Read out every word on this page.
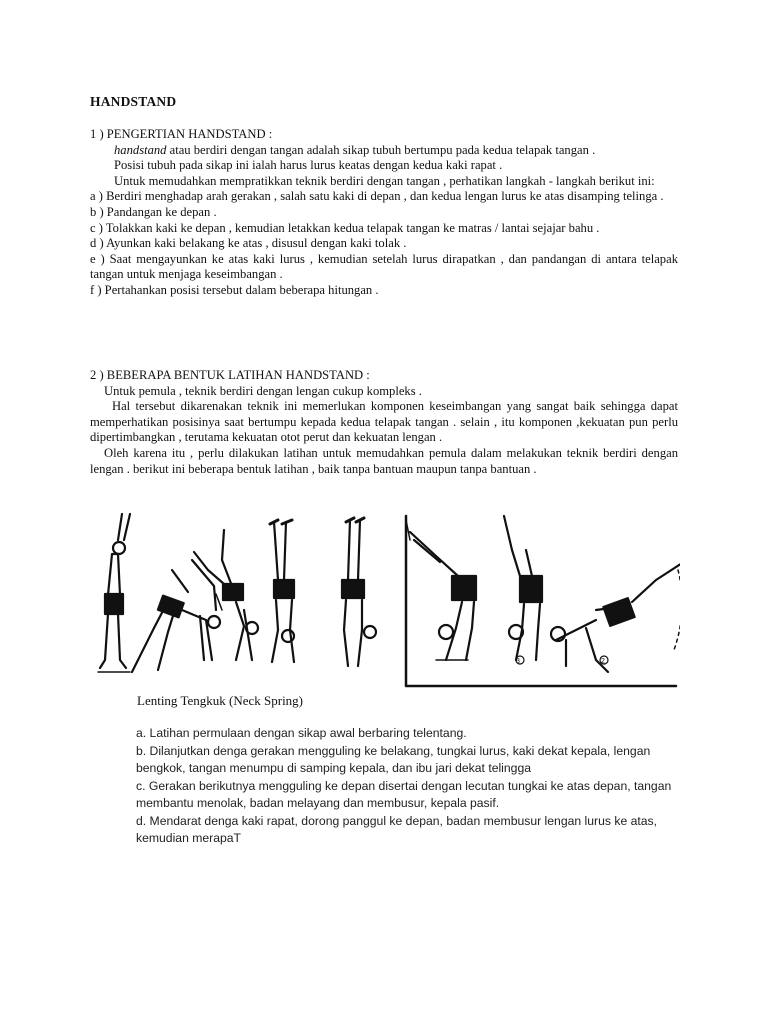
HANDSTAND

1 ) PENGERTIAN HANDSTAND :

handstand atau berdiri dengan tangan adalah sikap tubuh bertumpu pada kedua telapak tangan .

Posisi tubuh pada sikap ini ialah harus lurus keatas dengan kedua kaki rapat .

Untuk memudahkan mempratikkan teknik berdiri dengan tangan , perhatikan langkah - langkah berikut ini:

a ) Berdiri menghadap arah gerakan , salah satu kaki di depan , dan kedua lengan lurus ke atas disamping telinga .

b ) Pandangan ke depan .

c ) Tolakkan kaki ke depan , kemudian letakkan kedua telapak tangan ke matras / lantai sejajar bahu .

d ) Ayunkan kaki belakang ke atas , disusul dengan kaki tolak .

e ) Saat mengayunkan ke atas kaki lurus , kemudian setelah lurus dirapatkan , dan pandangan di antara telapak tangan untuk menjaga keseimbangan .

f ) Pertahankan posisi tersebut dalam beberapa hitungan .

2 ) BEBERAPA BENTUK LATIHAN HANDSTAND :

Untuk pemula , teknik berdiri dengan lengan cukup kompleks .

Hal tersebut dikarenakan teknik ini memerlukan komponen keseimbangan yang sangat baik sehingga dapat memperhatikan posisinya saat bertumpu kepada kedua telapak tangan . selain , itu komponen ,kekuatan pun perlu dipertimbangkan , terutama kekuatan otot perut dan kekuatan lengan .

Oleh karena itu , perlu dilakukan latihan untuk memudahkan pemula dalam melakukan teknik berdiri dengan lengan . berikut ini beberapa bentuk latihan , baik tanpa bantuan maupun tanpa bantuan .

3	2
Lenting Tengkuk (Neck Spring)

a. Latihan permulaan dengan sikap awal berbaring telentang.

b. Dilanjutkan denga gerakan mengguling ke belakang, tungkai lurus, kaki dekat kepala, lengan bengkok, tangan menumpu di samping kepala, dan ibu jari dekat telingga

c. Gerakan berikutnya mengguling ke depan disertai dengan lecutan tungkai ke atas depan, tangan membantu menolak, badan melayang dan membusur, kepala pasif.

d. Mendarat denga kaki rapat, dorong panggul ke depan, badan membusur lengan lurus ke atas, kemudian merapaT
